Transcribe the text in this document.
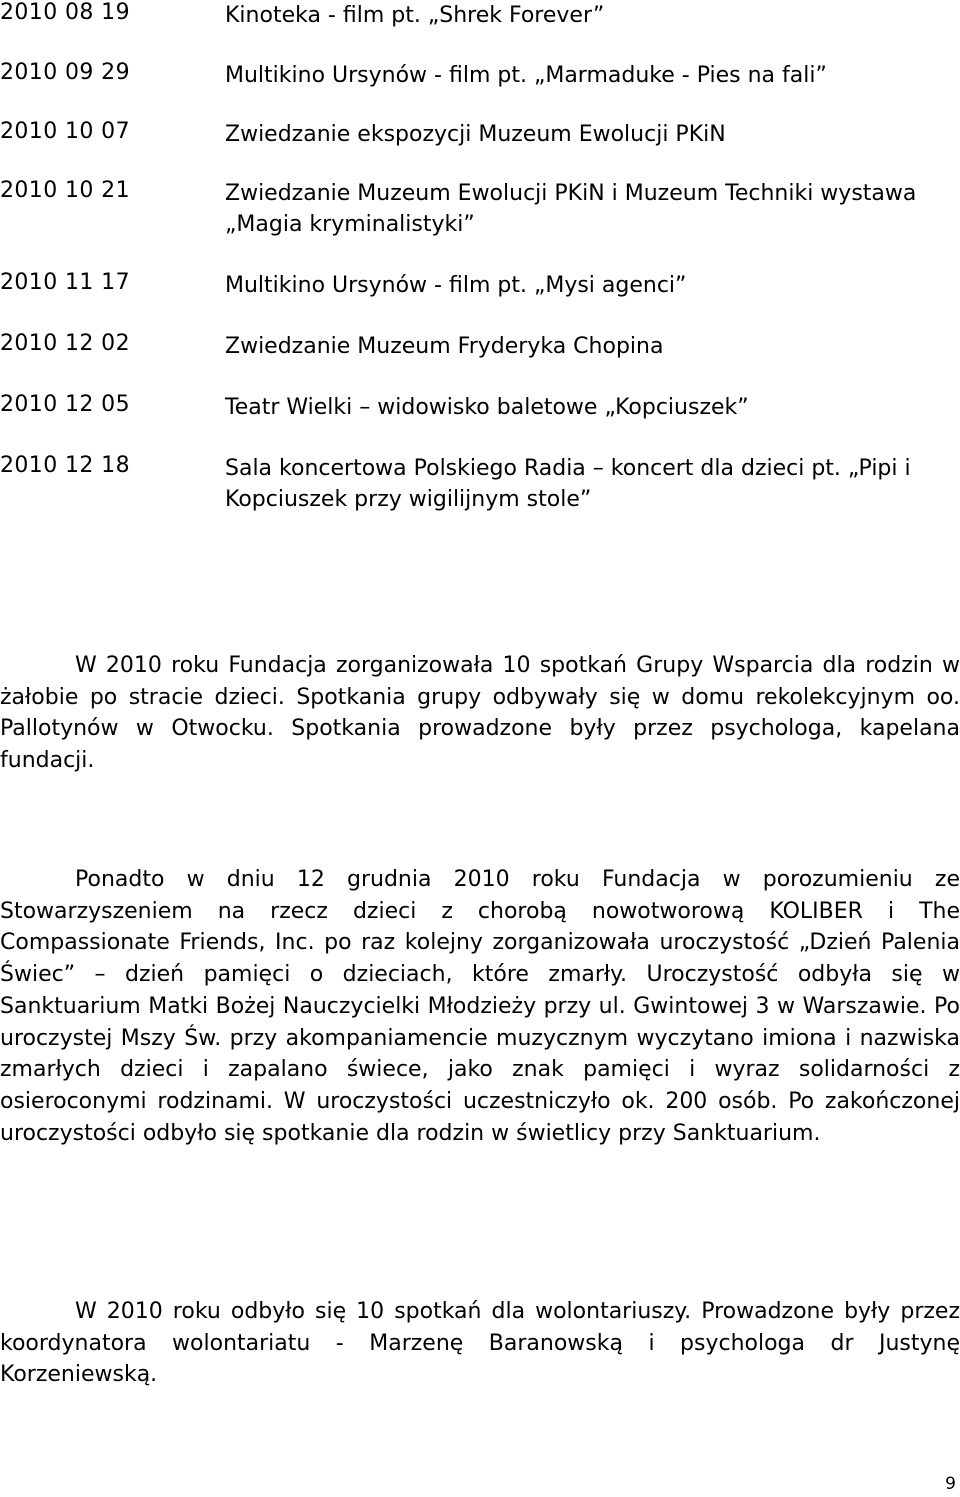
2010 08 19	Kinoteka - film pt. „Shrek Forever”
2010 09 29	Multikino Ursynów - film pt. „Marmaduke - Pies na fali”
2010 10 07	Zwiedzanie ekspozycji Muzeum Ewolucji PKiN
2010 10 21	Zwiedzanie Muzeum Ewolucji PKiN i Muzeum Techniki wystawa „Magia kryminalistyki”
2010 11 17	Multikino Ursynów - film pt. „Mysi agenci”
2010 12 02	Zwiedzanie Muzeum Fryderyka Chopina
2010 12 05	Teatr Wielki – widowisko baletowe „Kopciuszek”
2010 12 18	Sala koncertowa Polskiego Radia – koncert dla dzieci pt. „Pipi i Kopciuszek przy wigilijnym stole”

W 2010 roku Fundacja zorganizowała 10 spotkań Grupy Wsparcia dla rodzin w żałobie po stracie dzieci. Spotkania grupy odbywały się w domu rekolekcyjnym oo. Pallotynów w Otwocku. Spotkania prowadzone były przez psychologa, kapelana fundacji.

Ponadto w dniu 12 grudnia 2010 roku Fundacja w porozumieniu ze Stowarzyszeniem na rzecz dzieci z chorobą nowotworową KOLIBER i The Compassionate Friends, Inc. po raz kolejny zorganizowała uroczystość „Dzień Palenia Świec” – dzień pamięci o dzieciach, które zmarły. Uroczystość odbyła się w Sanktuarium Matki Bożej Nauczycielki Młodzieży przy ul. Gwintowej 3 w Warszawie. Po uroczystej Mszy Św. przy akompaniamencie muzycznym wyczytano imiona i nazwiska zmarłych dzieci i zapalano świece, jako znak pamięci i wyraz solidarności z osieroconymi rodzinami. W uroczystości uczestniczyło ok. 200 osób. Po zakończonej uroczystości odbyło się spotkanie dla rodzin w świetlicy przy Sanktuarium.

W 2010 roku odbyło się 10 spotkań dla wolontariuszy. Prowadzone były przez koordynatora wolontariatu - Marzenę Baranowską i psychologa dr Justynę Korzeniewską.

9
